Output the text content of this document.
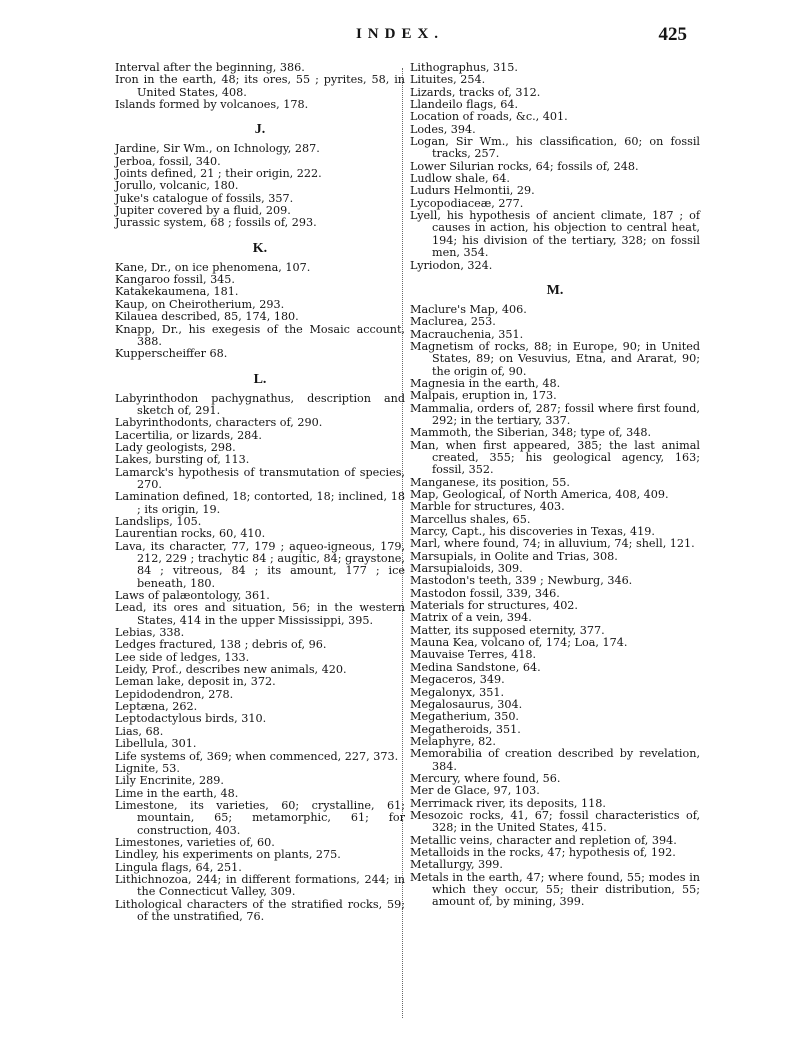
INDEX.	425

Interval after the beginning, 386.

Iron in the earth, 48; its ores, 55 ; pyrites, 58, in United States, 408.

Islands formed by volcanoes, 178.

J.

Jardine, Sir Wm., on Ichnology, 287.

Jerboa, fossil, 340.

Joints defined, 21 ; their origin, 222.

Jorullo, volcanic, 180.

Juke's catalogue of fossils, 357.

Jupiter covered by a fluid, 209.

Jurassic system, 68 ; fossils of, 293.

K.

Kane, Dr., on ice phenomena, 107.

Kangaroo fossil, 345.

Katakekaumena, 181.

Kaup, on Cheirotherium, 293.

Kilauea described, 85, 174, 180.

Knapp, Dr., his exegesis of the Mosaic account, 388.

Kupperscheiffer 68.

L.

Labyrinthodon pachygnathus, description and sketch of, 291.

Labyrinthodonts, characters of, 290.

Lacertilia, or lizards, 284.

Lady geologists, 298.

Lakes, bursting of, 113.

Lamarck's hypothesis of transmutation of species, 270.

Lamination defined, 18; contorted, 18; inclined, 18 ; its origin, 19.

Landslips, 105.

Laurentian rocks, 60, 410.

Lava, its character, 77, 179 ; aqueo-igneous, 179, 212, 229 ; trachytic 84 ; augitic, 84; graystone, 84 ; vitreous, 84 ; its amount, 177 ; ice beneath, 180.

Laws of palæontology, 361.

Lead, its ores and situation, 56; in the western States, 414 in the upper Mississippi, 395.

Lebias, 338.

Ledges fractured, 138 ; debris of, 96.

Lee side of ledges, 133.

Leidy, Prof., describes new animals, 420.

Leman lake, deposit in, 372.

Lepidodendron, 278.

Leptæna, 262.

Leptodactylous birds, 310.

Lias, 68.

Libellula, 301.

Life systems of, 369; when commenced, 227, 373.

Lignite, 53.

Lily Encrinite, 289.

Lime in the earth, 48.

Limestone, its varieties, 60; crystalline, 61; mountain, 65; metamorphic, 61; for construction, 403.

Limestones, varieties of, 60.

Lindley, his experiments on plants, 275.

Lingula flags, 64, 251.

Lithichnozoa, 244; in different formations, 244; in the Connecticut Valley, 309.

Lithological characters of the stratified rocks, 59; of the unstratified, 76.

Lithographus, 315.

Lituites, 254.

Lizards, tracks of, 312.

Llandeilo flags, 64.

Location of roads, &c., 401.

Lodes, 394.

Logan, Sir Wm., his classification, 60; on fossil tracks, 257.

Lower Silurian rocks, 64; fossils of, 248.

Ludlow shale, 64.

Ludurs Helmontii, 29.

Lycopodiaceæ, 277.

Lyell, his hypothesis of ancient climate, 187 ; of causes in action, his objection to central heat, 194; his division of the tertiary, 328; on fossil men, 354.

Lyriodon, 324.

M.

Maclure's Map, 406.

Maclurea, 253.

Macrauchenia, 351.

Magnetism of rocks, 88; in Europe, 90; in United States, 89; on Vesuvius, Etna, and Ararat, 90; the origin of, 90.

Magnesia in the earth, 48.

Malpais, eruption in, 173.

Mammalia, orders of, 287; fossil where first found, 292; in the tertiary, 337.

Mammoth, the Siberian, 348; type of, 348.

Man, when first appeared, 385; the last animal created, 355; his geological agency, 163; fossil, 352.

Manganese, its position, 55.

Map, Geological, of North America, 408, 409.

Marble for structures, 403.

Marcellus shales, 65.

Marcy, Capt., his discoveries in Texas, 419.

Marl, where found, 74; in alluvium, 74; shell, 121.

Marsupials, in Oolite and Trias, 308.

Marsupialoids, 309.

Mastodon's teeth, 339 ; Newburg, 346.

Mastodon fossil, 339, 346.

Materials for structures, 402.

Matrix of a vein, 394.

Matter, its supposed eternity, 377.

Mauna Kea, volcano of, 174; Loa, 174.

Mauvaise Terres, 418.

Medina Sandstone, 64.

Megaceros, 349.

Megalonyx, 351.

Megalosaurus, 304.

Megatherium, 350.

Megatheroids, 351.

Melaphyre, 82.

Memorabilia of creation described by revelation, 384.

Mercury, where found, 56.

Mer de Glace, 97, 103.

Merrimack river, its deposits, 118.

Mesozoic rocks, 41, 67; fossil characteristics of, 328; in the United States, 415.

Metallic veins, character and repletion of, 394.

Metalloids in the rocks, 47; hypothesis of, 192.

Metallurgy, 399.

Metals in the earth, 47; where found, 55; modes in which they occur, 55; their distribution, 55; amount of, by mining, 399.
